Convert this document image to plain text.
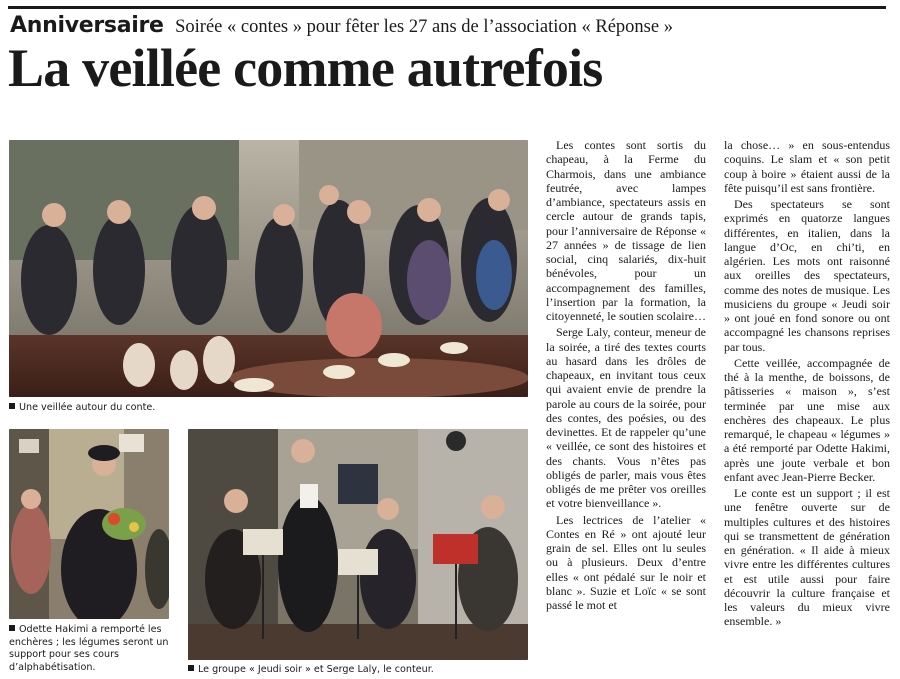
Anniversaire Soirée « contes » pour fêter les 27 ans de l’association « Réponse »
La veillée comme autrefois
Une veillée autour du conte.
Odette Hakimi a remporté les enchères ; les légumes seront un support pour ses cours d’alphabétisation.	Le groupe « Jeudi soir » et Serge Laly, le conteur.

Les contes sont sortis du chapeau, à la Ferme du Charmois, dans une ambiance feutrée, avec lampes d’ambiance, spectateurs assis en cercle autour de grands tapis, pour l’anniversaire de Réponse « 27 années » de tissage de lien social, cinq salariés, dix-huit bénévoles, pour un accompagnement des familles, l’insertion par la formation, la citoyenneté, le soutien scolaire…

Serge Laly, conteur, meneur de la soirée, a tiré des textes courts au hasard dans les drôles de chapeaux, en invitant tous ceux qui avaient envie de prendre la parole au cours de la soirée, pour des contes, des poésies, ou des devinettes. Et de rappeler qu’une « veillée, ce sont des histoires et des chants. Vous n’êtes pas obligés de parler, mais vous êtes obligés de me prêter vos oreilles et votre bienveillance ».

Les lectrices de l’atelier « Contes en Ré » ont ajouté leur grain de sel. Elles ont lu seules ou à plusieurs. Deux d’entre elles « ont pédalé sur le noir et blanc ». Suzie et Loïc « se sont passé le mot et

la chose… » en sous-entendus coquins. Le slam et « son petit coup à boire » étaient aussi de la fête puisqu’il est sans frontière.

Des spectateurs se sont exprimés en quatorze langues différentes, en italien, dans la langue d’Oc, en chi’ti, en algérien. Les mots ont raisonné aux oreilles des spectateurs, comme des notes de musique. Les musiciens du groupe « Jeudi soir » ont joué en fond sonore ou ont accompagné les chansons reprises par tous.

Cette veillée, accompagnée de thé à la menthe, de boissons, de pâtisseries « maison », s’est terminée par une mise aux enchères des chapeaux. Le plus remarqué, le chapeau « légumes » a été remporté par Odette Hakimi, après une joute verbale et bon enfant avec Jean-Pierre Becker.

Le conte est un support ; il est une fenêtre ouverte sur de multiples cultures et des histoires qui se transmettent de génération en génération. « Il aide à mieux vivre entre les différentes cultures et est utile aussi pour faire découvrir la culture française et les valeurs du mieux vivre ensemble. »
